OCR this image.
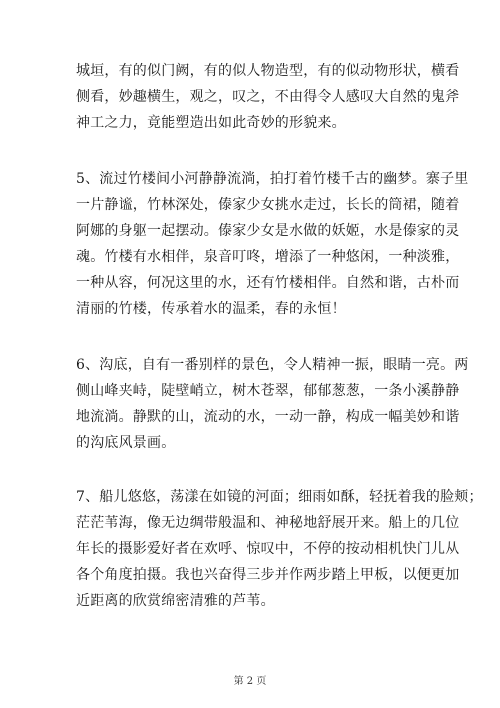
城垣，有的似门阙，有的似人物造型，有的似动物形状，横看
侧看，妙趣横生，观之，叹之，不由得令人感叹大自然的鬼斧
神工之力，竟能塑造出如此奇妙的形貌来。
5、流过竹楼间小河静静流淌，拍打着竹楼千古的幽梦。寨子里
一片静谧，竹林深处，傣家少女挑水走过，长长的筒裙，随着
阿娜的身躯一起摆动。傣家少女是水做的妖姬，水是傣家的灵
魂。竹楼有水相伴，泉音叮咚，增添了一种悠闲，一种淡雅，
一种从容，何况这里的水，还有竹楼相伴。自然和谐，古朴而
清丽的竹楼，传承着水的温柔，春的永恒！
6、沟底，自有一番别样的景色，令人精神一振，眼睛一亮。两
侧山峰夹峙，陡壁峭立，树木苍翠，郁郁葱葱，一条小溪静静
地流淌。静默的山，流动的水，一动一静，构成一幅美妙和谐
的沟底风景画。
7、船儿悠悠，荡漾在如镜的河面；细雨如酥，轻抚着我的脸颊；
茫茫苇海，像无边绸带般温和、神秘地舒展开来。船上的几位
年长的摄影爱好者在欢呼、惊叹中，不停的按动相机快门儿从
各个角度拍摄。我也兴奋得三步并作两步踏上甲板，以便更加
近距离的欣赏绵密清雅的芦苇。
第 2 页
